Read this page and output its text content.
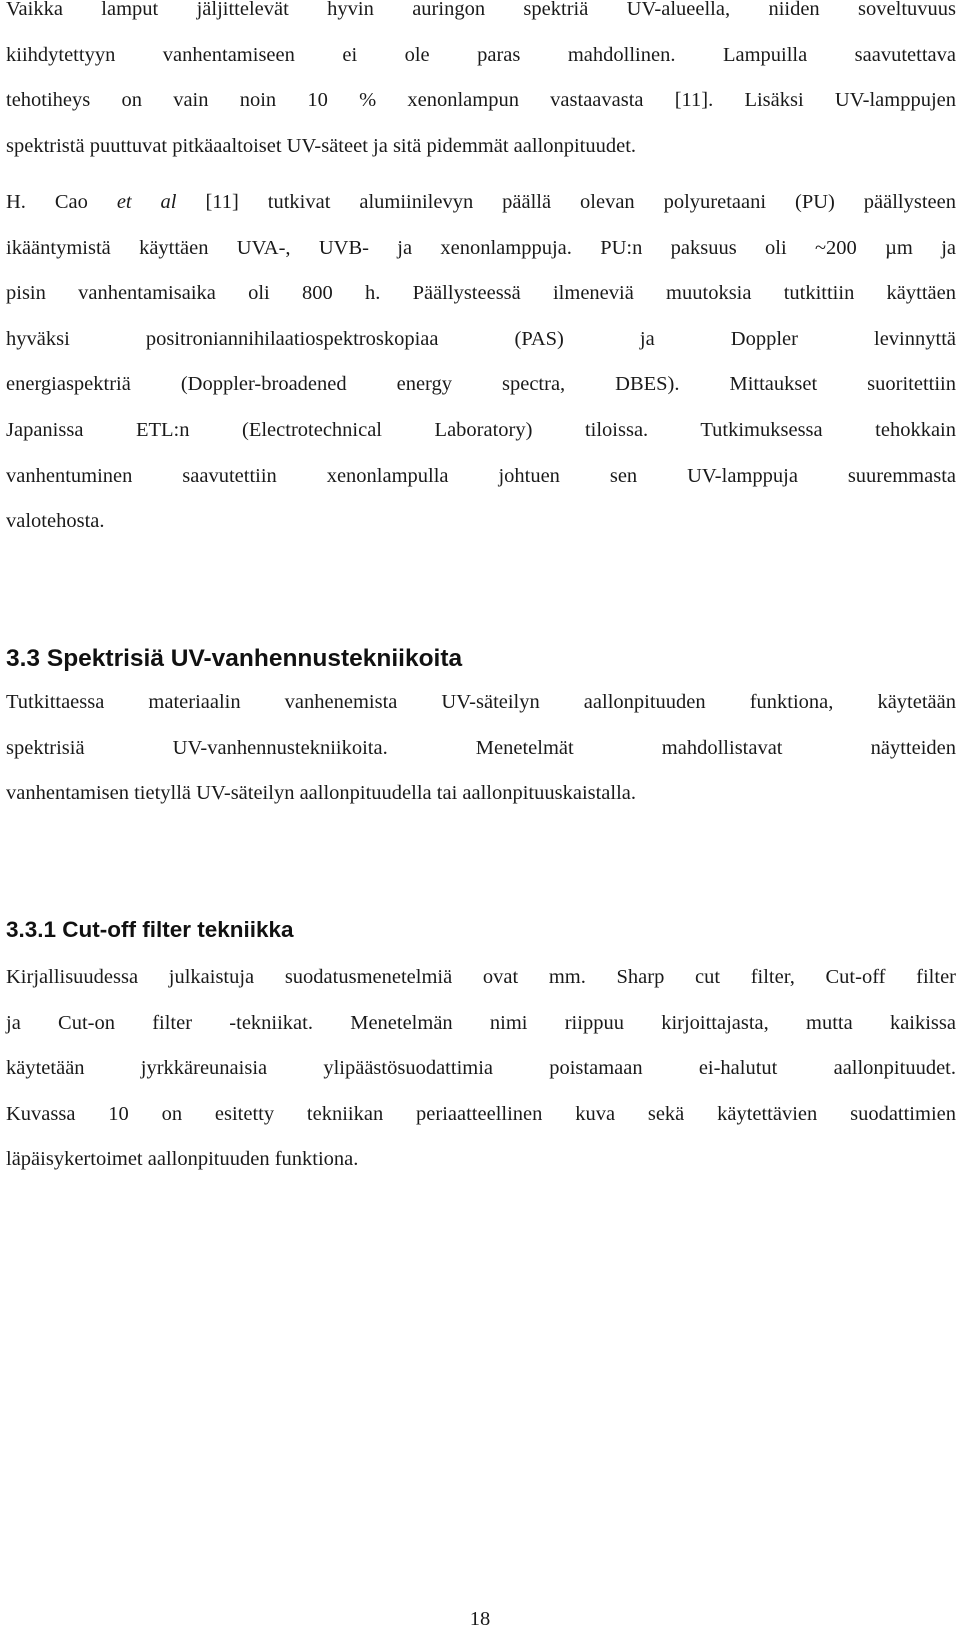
Vaikka lamput jäljittelevät hyvin auringon spektriä UV-alueella, niiden soveltuvuus
kiihdytettyyn vanhentamiseen ei ole paras mahdollinen. Lampuilla saavutettava
tehotiheys on vain noin 10 % xenonlampun vastaavasta [11]. Lisäksi UV-lamppujen
spektristä puuttuvat pitkäaaltoiset UV-säteet ja sitä pidemmät aallonpituudet.

H. Cao et al [11] tutkivat alumiinilevyn päällä olevan polyuretaani (PU) päällysteen
ikääntymistä käyttäen UVA-, UVB- ja xenonlamppuja. PU:n paksuus oli ~200 µm ja
pisin vanhentamisaika oli 800 h. Päällysteessä ilmeneviä muutoksia tutkittiin käyttäen
hyväksi positroniannihilaatiospektroskopiaa (PAS) ja Doppler levinnyttä
energiaspektriä (Doppler-broadened energy spectra, DBES). Mittaukset suoritettiin
Japanissa ETL:n (Electrotechnical Laboratory) tiloissa. Tutkimuksessa tehokkain
vanhentuminen saavutettiin xenonlampulla johtuen sen UV-lamppuja suuremmasta
valotehosta.

3.3 Spektrisiä UV-vanhennustekniikoita

Tutkittaessa materiaalin vanhenemista UV-säteilyn aallonpituuden funktiona, käytetään
spektrisiä UV-vanhennustekniikoita. Menetelmät mahdollistavat näytteiden
vanhentamisen tietyllä UV-säteilyn aallonpituudella tai aallonpituuskaistalla.

3.3.1 Cut-off filter tekniikka

Kirjallisuudessa julkaistuja suodatusmenetelmiä ovat mm. Sharp cut filter, Cut-off filter
ja Cut-on filter -tekniikat. Menetelmän nimi riippuu kirjoittajasta, mutta kaikissa
käytetään jyrkkäreunaisia ylipäästösuodattimia poistamaan ei-halutut aallonpituudet.
Kuvassa 10 on esitetty tekniikan periaatteellinen kuva sekä käytettävien suodattimien
läpäisykertoimet aallonpituuden funktiona.

18
